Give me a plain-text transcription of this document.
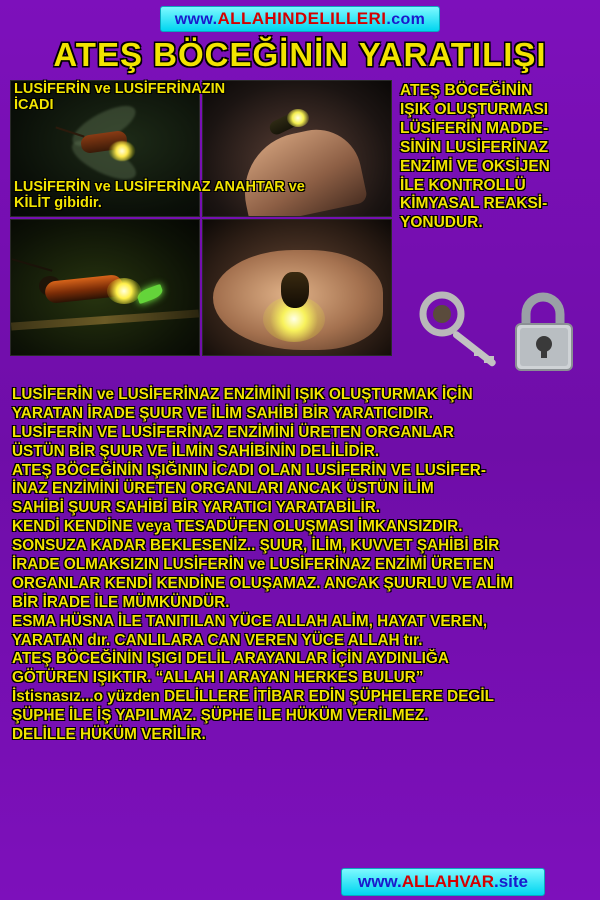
www.ALLAHINDELILLERI.com
ATEŞ BÖCEĞİNİN YARATILIŞI
LUSİFERİN ve LUSİFERİNAZIN
İCADI
LUSİFERİN ve LUSİFERİNAZ ANAHTAR ve
KİLİT gibidir.
ATEŞ BÖCEĞİNİN
IŞIK OLUŞTURMASI
LÜSİFERİN MADDE-
SİNİN LUSİFERİNAZ
ENZİMİ VE OKSİJEN
İLE KONTROLLÜ
KİMYASAL REAKSİ-
YONUDUR.
LUSİFERİN ve LUSİFERİNAZ ENZİMİNİ IŞIK OLUŞTURMAK İÇİN
YARATAN İRADE ŞUUR VE İLİM SAHİBİ BİR YARATICIDIR.
LUSİFERİN VE LUSİFERİNAZ ENZİMİNİ ÜRETEN ORGANLAR
ÜSTÜN BİR ŞUUR VE İLMİN SAHİBİNİN DELİLİDİR.
ATEŞ BÖCEĞİNİN IŞIĞININ İCADI OLAN LUSİFERİN VE LUSİFER-
İNAZ ENZİMİNİ ÜRETEN ORGANLARI ANCAK ÜSTÜN İLİM
SAHİBİ ŞUUR SAHİBİ BİR YARATICI YARATABİLİR.
KENDİ KENDİNE veya TESADÜFEN OLUŞMASI İMKANSIZDIR.
SONSUZA KADAR BEKLESENİZ.. ŞUUR, İLİM, KUVVET ŞAHİBİ BİR
İRADE OLMAKSIZIN LUSİFERİN ve LUSİFERİNAZ ENZİMİ ÜRETEN
ORGANLAR KENDİ KENDİNE OLUŞAMAZ. ANCAK ŞUURLU VE ALİM
BİR İRADE İLE MÜMKÜNDÜR.
ESMA HÜSNA İLE TANITILAN YÜCE ALLAH ALİM, HAYAT VEREN,
YARATAN dır. CANLILARA CAN VEREN YÜCE ALLAH tır.
ATEŞ BÖCEĞİNİN IŞIGI DELİL ARAYANLAR İÇİN AYDINLIĞA
GÖTÜREN IŞIKTIR. “ALLAH I ARAYAN HERKES BULUR”
İstisnasız...o yüzden DELİLLERE İTİBAR EDİN ŞÜPHELERE DEGİL
ŞÜPHE İLE İŞ YAPILMAZ. ŞÜPHE İLE HÜKÜM VERİLMEZ.
DELİLLE HÜKÜM VERİLİR.
www.ALLAHVAR.site
